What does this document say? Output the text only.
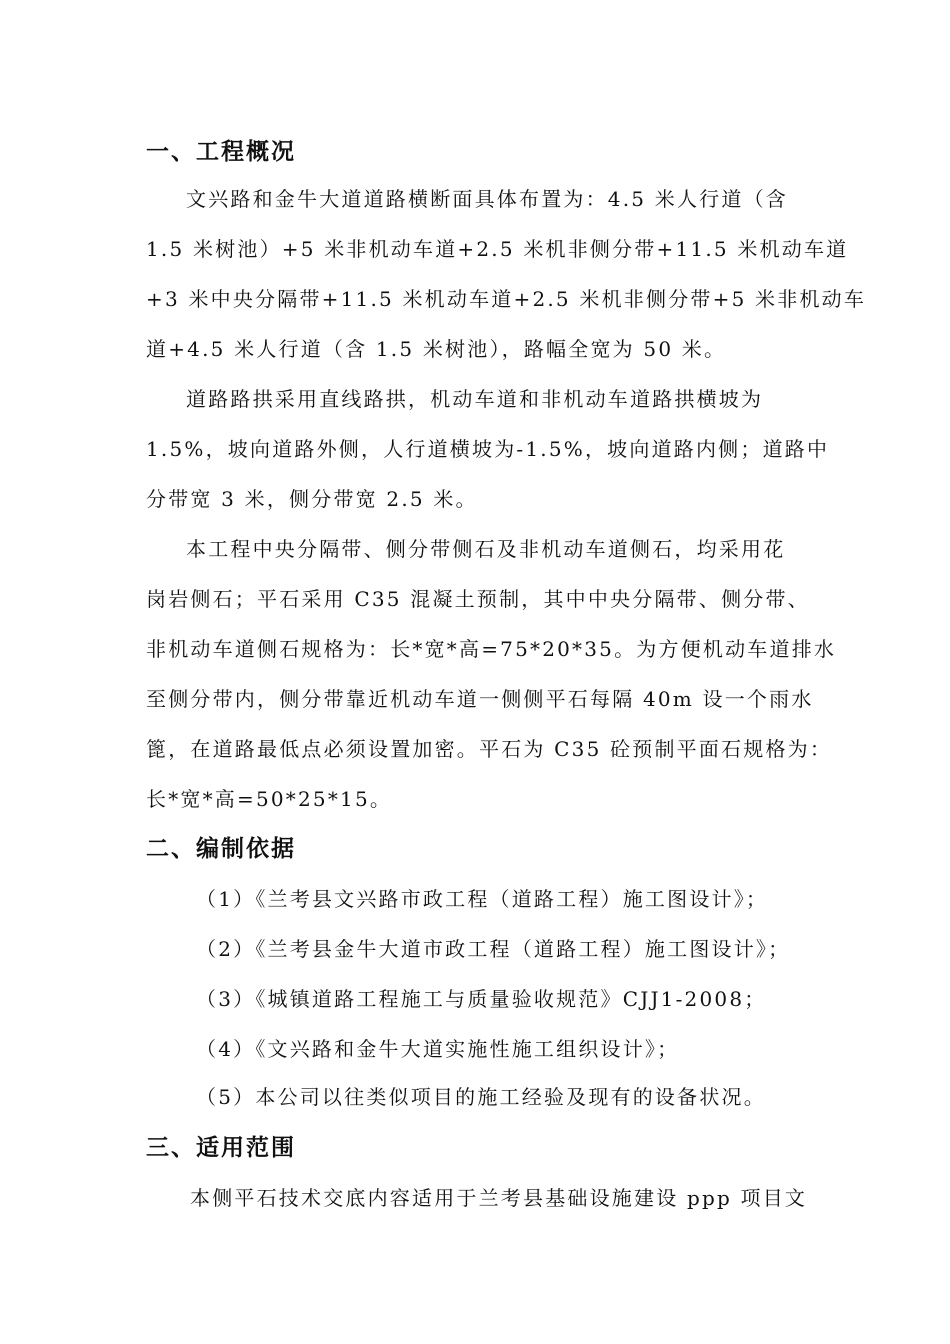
一、工程概况
文兴路和金牛大道道路横断面具体布置为：4.5 米人行道（含
1.5 米树池）+5 米非机动车道+2.5 米机非侧分带+11.5 米机动车道
+3 米中央分隔带+11.5 米机动车道+2.5 米机非侧分带+5 米非机动车
道+4.5 米人行道（含 1.5 米树池），路幅全宽为 50 米。
道路路拱采用直线路拱，机动车道和非机动车道路拱横坡为
1.5%，坡向道路外侧，人行道横坡为-1.5%，坡向道路内侧；道路中
分带宽 3 米，侧分带宽 2.5 米。
本工程中央分隔带、侧分带侧石及非机动车道侧石，均采用花
岗岩侧石；平石采用 C35 混凝土预制，其中中央分隔带、侧分带、
非机动车道侧石规格为：长*宽*高=75*20*35。为方便机动车道排水
至侧分带内，侧分带靠近机动车道一侧侧平石每隔 40m 设一个雨水
篦，在道路最低点必须设置加密。平石为 C35 砼预制平面石规格为：
长*宽*高=50*25*15。
二、编制依据
（1）《兰考县文兴路市政工程（道路工程）施工图设计》；
（2）《兰考县金牛大道市政工程（道路工程）施工图设计》；
（3）《城镇道路工程施工与质量验收规范》CJJ1-2008；
（4）《文兴路和金牛大道实施性施工组织设计》；
（5）本公司以往类似项目的施工经验及现有的设备状况。
三、适用范围
本侧平石技术交底内容适用于兰考县基础设施建设 ppp 项目文
